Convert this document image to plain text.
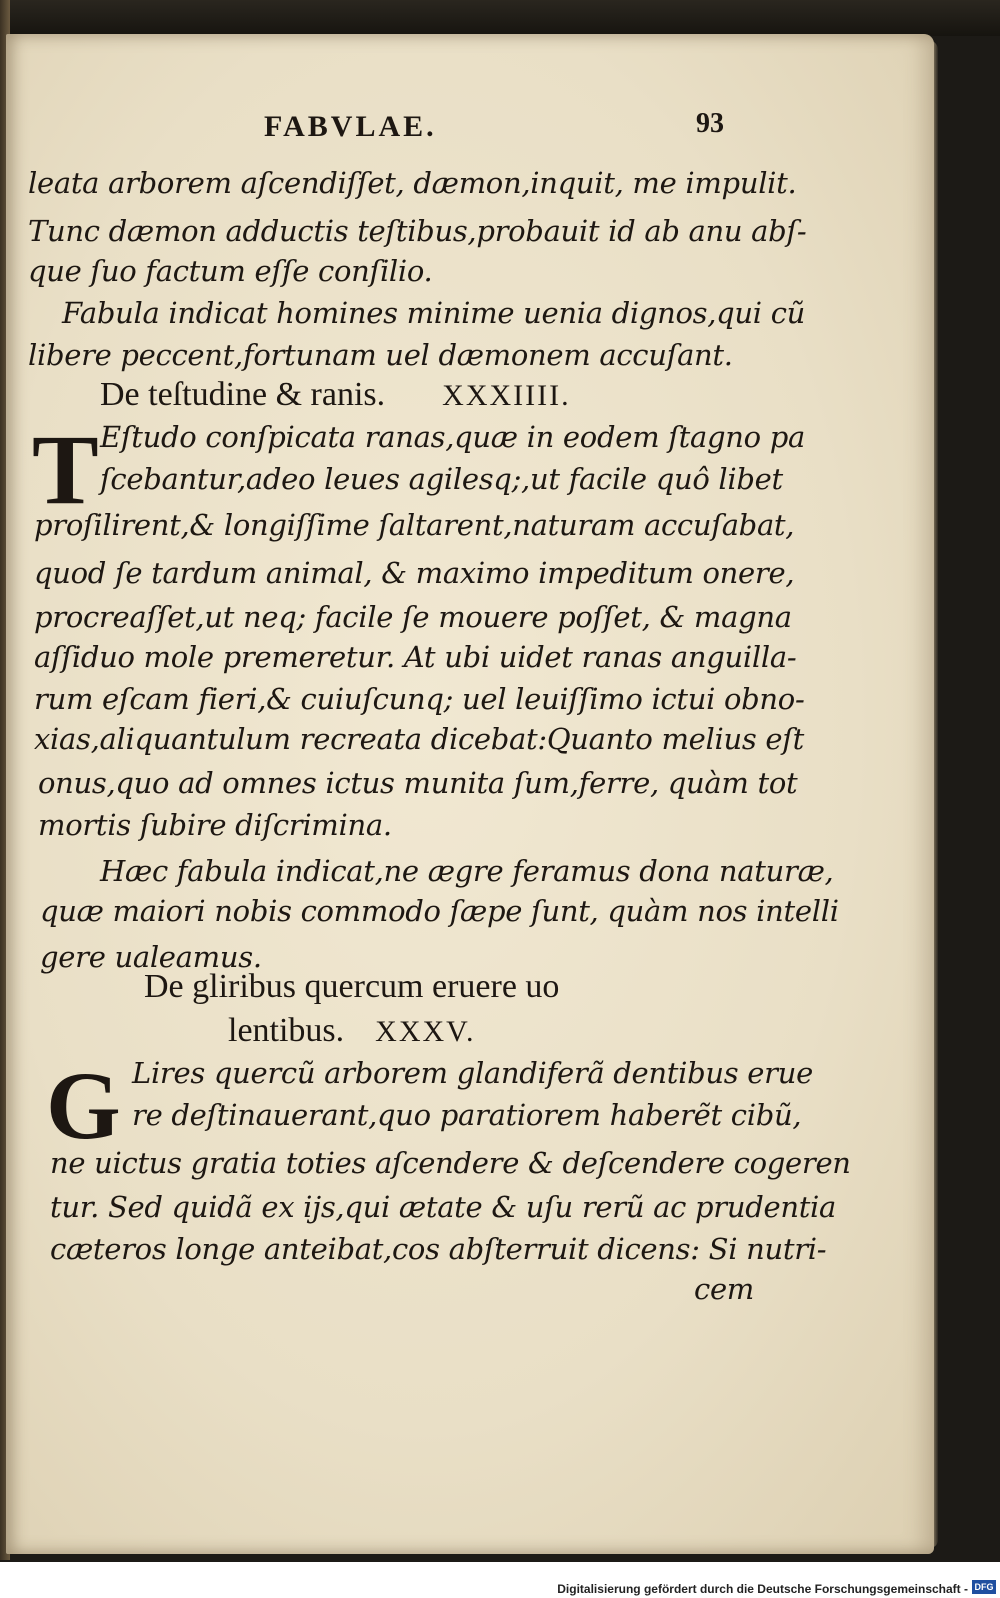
FABVLAE.	93
leata arborem aſcendiſſet, dæmon,inquit, me impulit.
Tunc dæmon adductis teſtibus,probauit id ab anu abſ-
que ſuo factum eſſe conſilio.
Fabula indicat homines minime uenia dignos,qui cũ
libere peccent,fortunam uel dæmonem accuſant.
De teſtudine & ranis. XXXIIII.
T Eſtudo conſpicata ranas,quæ in eodem ſtagno pa
ſcebantur,adeo leues agilesq;,ut facile quô libet
proſilirent,& longiſſime ſaltarent,naturam accuſabat,
quod ſe tardum animal, & maximo impeditum onere,
procreaſſet,ut neq; facile ſe mouere poſſet, & magna
aſſiduo mole premeretur. At ubi uidet ranas anguilla-
rum eſcam fieri,& cuiuſcunq; uel leuiſſimo ictui obno-
xias,aliquantulum recreata dicebat:Quanto melius eſt
onus,quo ad omnes ictus munita ſum,ferre, quàm tot
mortis ſubire diſcrimina.
Hæc fabula indicat,ne ægre feramus dona naturæ,
quæ maiori nobis commodo ſæpe ſunt, quàm nos intelli
gere ualeamus.
De gliribus quercum eruere uo
lentibus. XXXV.
G Lires quercũ arborem glandiferã dentibus erue
re deſtinauerant,quo paratiorem haberẽt cibũ,
ne uictus gratia toties aſcendere & deſcendere cogeren
tur. Sed quidã ex ijs,qui ætate & uſu rerũ ac prudentia
cæteros longe anteibat,cos abſterruit dicens: Si nutri-
cem
Digitalisierung gefördert durch die Deutsche Forschungsgemeinschaft - DFG
